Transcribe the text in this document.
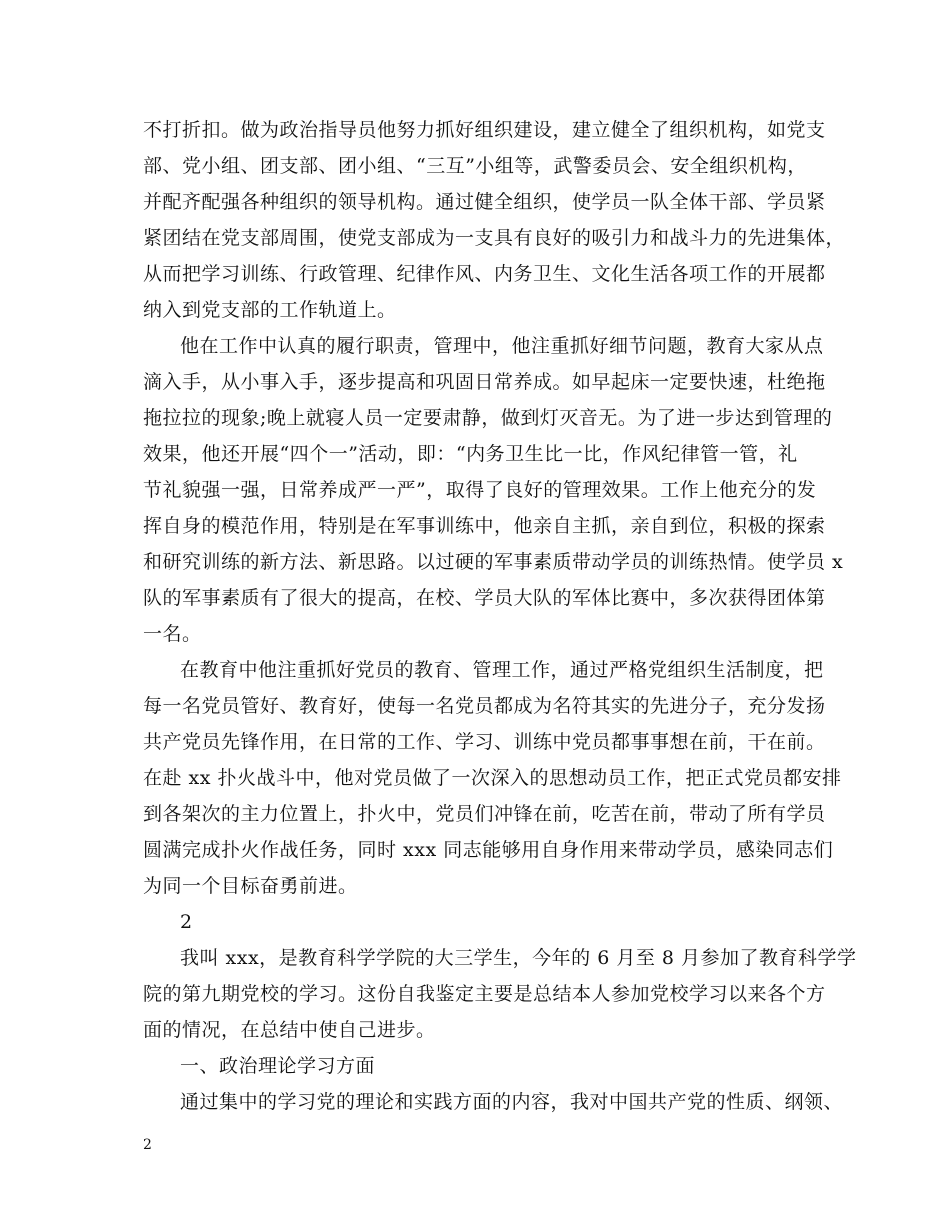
不打折扣。做为政治指导员他努力抓好组织建设，建立健全了组织机构，如党支
部、党小组、团支部、团小组、“三互”小组等，武警委员会、安全组织机构，
并配齐配强各种组织的领导机构。通过健全组织，使学员一队全体干部、学员紧
紧团结在党支部周围，使党支部成为一支具有良好的吸引力和战斗力的先进集体，
从而把学习训练、行政管理、纪律作风、内务卫生、文化生活各项工作的开展都
纳入到党支部的工作轨道上。
他在工作中认真的履行职责，管理中，他注重抓好细节问题，教育大家从点
滴入手，从小事入手，逐步提高和巩固日常养成。如早起床一定要快速，杜绝拖
拖拉拉的现象;晚上就寝人员一定要肃静，做到灯灭音无。为了进一步达到管理的
效果，他还开展“四个一”活动，即：“内务卫生比一比，作风纪律管一管，礼
节礼貌强一强，日常养成严一严”，取得了良好的管理效果。工作上他充分的发
挥自身的模范作用，特别是在军事训练中，他亲自主抓，亲自到位，积极的探索
和研究训练的新方法、新思路。以过硬的军事素质带动学员的训练热情。使学员 x
队的军事素质有了很大的提高，在校、学员大队的军体比赛中，多次获得团体第
一名。
在教育中他注重抓好党员的教育、管理工作，通过严格党组织生活制度，把
每一名党员管好、教育好，使每一名党员都成为名符其实的先进分子，充分发扬
共产党员先锋作用，在日常的工作、学习、训练中党员都事事想在前，干在前。
在赴 xx 扑火战斗中，他对党员做了一次深入的思想动员工作，把正式党员都安排
到各架次的主力位置上，扑火中，党员们冲锋在前，吃苦在前，带动了所有学员
圆满完成扑火作战任务，同时 xxx 同志能够用自身作用来带动学员，感染同志们
为同一个目标奋勇前进。
2
我叫 xxx，是教育科学学院的大三学生，今年的 6 月至 8 月参加了教育科学学
院的第九期党校的学习。这份自我鉴定主要是总结本人参加党校学习以来各个方
面的情况，在总结中使自己进步。
一、政治理论学习方面
通过集中的学习党的理论和实践方面的内容，我对中国共产党的性质、纲领、
2
